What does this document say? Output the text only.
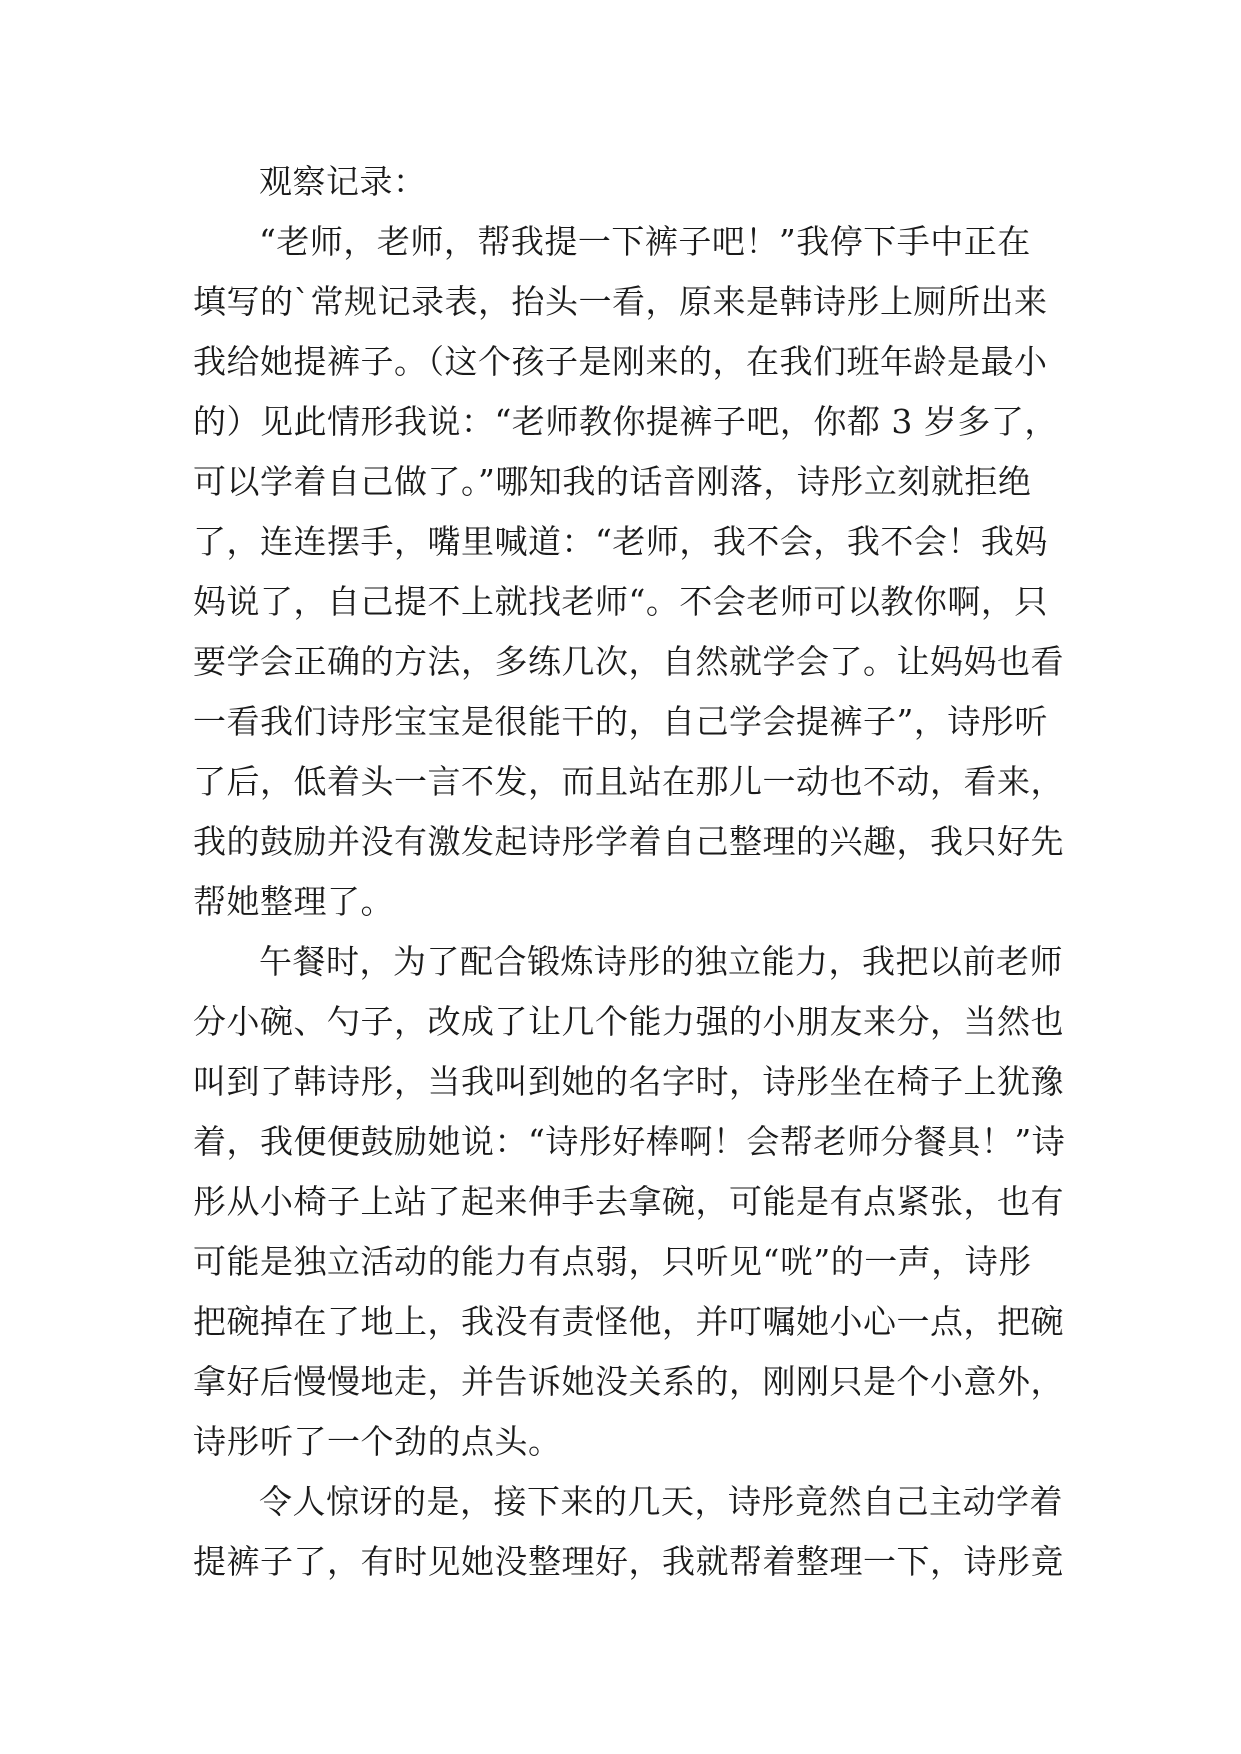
观察记录：
“老师，老师，帮我提一下裤子吧！”我停下手中正在
填写的`常规记录表，抬头一看，原来是韩诗彤上厕所出来
我给她提裤子。（这个孩子是刚来的，在我们班年龄是最小
的）见此情形我说：“老师教你提裤子吧，你都 3 岁多了，
可以学着自己做了。”哪知我的话音刚落，诗彤立刻就拒绝
了，连连摆手，嘴里喊道：“老师，我不会，我不会！我妈
妈说了，自己提不上就找老师“。不会老师可以教你啊，只
要学会正确的方法，多练几次，自然就学会了。让妈妈也看
一看我们诗彤宝宝是很能干的，自己学会提裤子”，诗彤听
了后，低着头一言不发，而且站在那儿一动也不动，看来，
我的鼓励并没有激发起诗彤学着自己整理的兴趣，我只好先
帮她整理了。
午餐时，为了配合锻炼诗彤的独立能力，我把以前老师
分小碗、勺子，改成了让几个能力强的小朋友来分，当然也
叫到了韩诗彤，当我叫到她的名字时，诗彤坐在椅子上犹豫
着，我便便鼓励她说：“诗彤好棒啊！会帮老师分餐具！”诗
彤从小椅子上站了起来伸手去拿碗，可能是有点紧张，也有
可能是独立活动的能力有点弱，只听见“咣”的一声，诗彤
把碗掉在了地上，我没有责怪他，并叮嘱她小心一点，把碗
拿好后慢慢地走，并告诉她没关系的，刚刚只是个小意外，
诗彤听了一个劲的点头。
令人惊讶的是，接下来的几天，诗彤竟然自己主动学着
提裤子了，有时见她没整理好，我就帮着整理一下，诗彤竟
